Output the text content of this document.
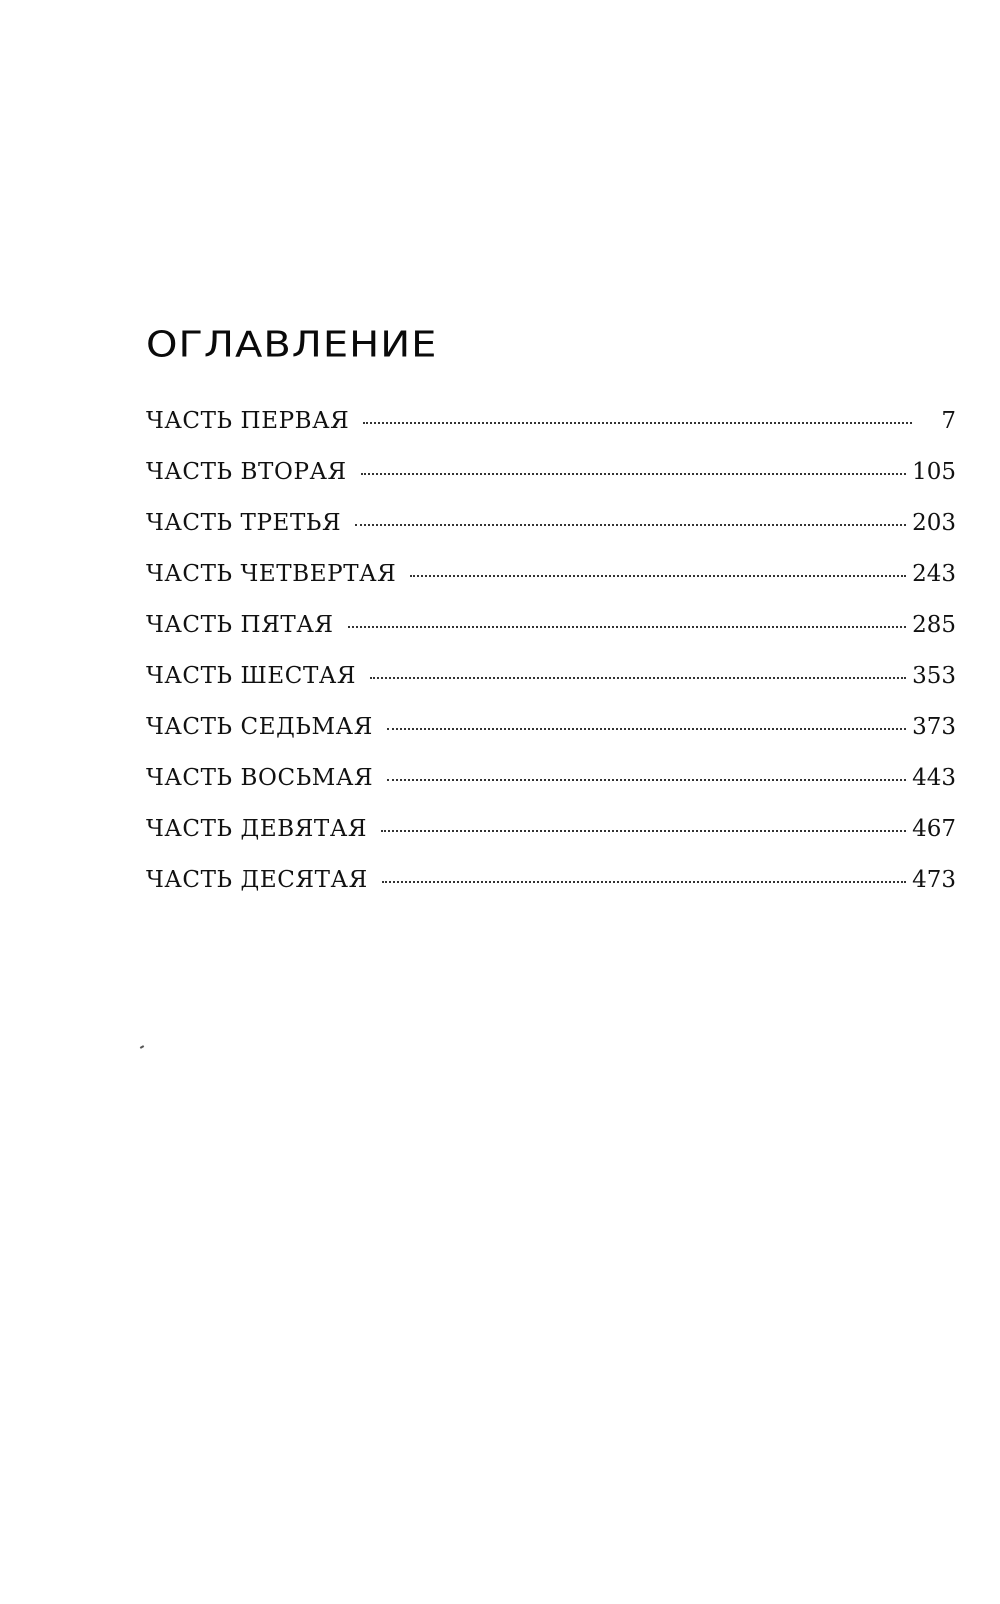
ОГЛАВЛЕНИЕ
ЧАСТЬ ПЕРВАЯ	7
ЧАСТЬ ВТОРАЯ	105
ЧАСТЬ ТРЕТЬЯ	203
ЧАСТЬ ЧЕТВЕРТАЯ	243
ЧАСТЬ ПЯТАЯ	285
ЧАСТЬ ШЕСТАЯ	353
ЧАСТЬ СЕДЬМАЯ	373
ЧАСТЬ ВОСЬМАЯ	443
ЧАСТЬ ДЕВЯТАЯ	467
ЧАСТЬ ДЕСЯТАЯ	473
